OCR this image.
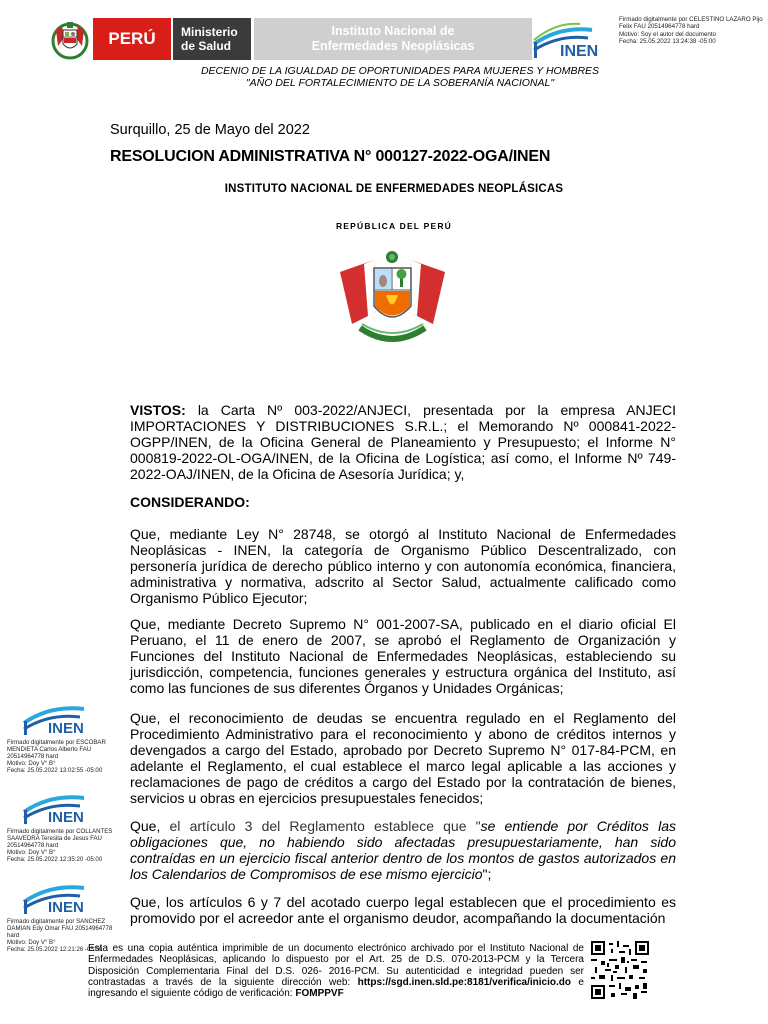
PERÚ Ministerio de Salud
Instituto Nacional de Enfermedades Neoplásicas	INEN
Firmado digitalmente por CELESTINO LAZARO Pijo Felix FAU 20514964778 hard
Motivo: Soy el autor del documento
Fecha: 25.05.2022 13:24:38 -05:00
DECENIO DE LA IGUALDAD DE OPORTUNIDADES PARA MUJERES Y HOMBRES
"AÑO DEL FORTALECIMIENTO DE LA SOBERANÍA NACIONAL"
Surquillo, 25 de Mayo del 2022
RESOLUCION ADMINISTRATIVA N° 000127-2022-OGA/INEN
INSTITUTO NACIONAL DE ENFERMEDADES NEOPLÁSICAS
REPÚBLICA DEL PERÚ
VISTOS: la Carta Nº 003-2022/ANJECI, presentada por la empresa ANJECI IMPORTACIONES Y DISTRIBUCIONES S.R.L.; el Memorando Nº 000841-2022-OGPP/INEN, de la Oficina General de Planeamiento y Presupuesto; el Informe N° 000819-2022-OL-OGA/INEN, de la Oficina de Logística; así como, el Informe Nº 749-2022-OAJ/INEN, de la Oficina de Asesoría Jurídica; y,
CONSIDERANDO:
Que, mediante Ley N° 28748, se otorgó al Instituto Nacional de Enfermedades Neoplásicas - INEN, la categoría de Organismo Público Descentralizado, con personería jurídica de derecho público interno y con autonomía económica, financiera, administrativa y normativa, adscrito al Sector Salud, actualmente calificado como Organismo Público Ejecutor;
Que, mediante Decreto Supremo N° 001-2007-SA, publicado en el diario oficial El Peruano, el 11 de enero de 2007, se aprobó el Reglamento de Organización y Funciones del Instituto Nacional de Enfermedades Neoplásicas, estableciendo su jurisdicción, competencia, funciones generales y estructura orgánica del Instituto, así como las funciones de sus diferentes Órganos y Unidades Orgánicas;
Que, el reconocimiento de deudas se encuentra regulado en el Reglamento del Procedimiento Administrativo para el reconocimiento y abono de créditos internos y devengados a cargo del Estado, aprobado por Decreto Supremo N° 017-84-PCM, en adelante el Reglamento, el cual establece el marco legal aplicable a las acciones y reclamaciones de pago de créditos a cargo del Estado por la contratación de bienes, servicios u obras en ejercicios presupuestales fenecidos;
Que, el artículo 3 del Reglamento establece que "se entiende por Créditos las obligaciones que, no habiendo sido afectadas presupuestariamente, han sido contraídas en un ejercicio fiscal anterior dentro de los montos de gastos autorizados en los Calendarios de Compromisos de ese mismo ejercicio";
Que, los artículos 6 y 7 del acotado cuerpo legal establecen que el procedimiento es promovido por el acreedor ante el organismo deudor, acompañando la documentación
INEN
Firmado digitalmente por ESCOBAR MENDIETA Carlos Alberto FAU 20514964778 hard
Motivo: Doy V° B°
Fecha: 25.05.2022 13:02:55 -05:00
INEN
Firmado digitalmente por COLLANTES SAAVEDRA Teresita de Jesus FAU 20514964778 hard
Motivo: Doy V° B°
Fecha: 25.05.2022 12:35:20 -05:00
INEN
Firmado digitalmente por SANCHEZ DAMIAN Edy Omar FAU 20514964778 hard
Motivo: Doy V° B°
Fecha: 25.05.2022 12:21:26 -05:00
Esta es una copia auténtica imprimible de un documento electrónico archivado por el Instituto Nacional de Enfermedades Neoplásicas, aplicando lo dispuesto por el Art. 25 de D.S. 070-2013-PCM y la Tercera Disposición Complementaria Final del D.S. 026- 2016-PCM. Su autenticidad e integridad pueden ser contrastadas a través de la siguiente dirección web: https://sgd.inen.sld.pe:8181/verifica/inicio.do e ingresando el siguiente código de verificación: FOMPPVF
